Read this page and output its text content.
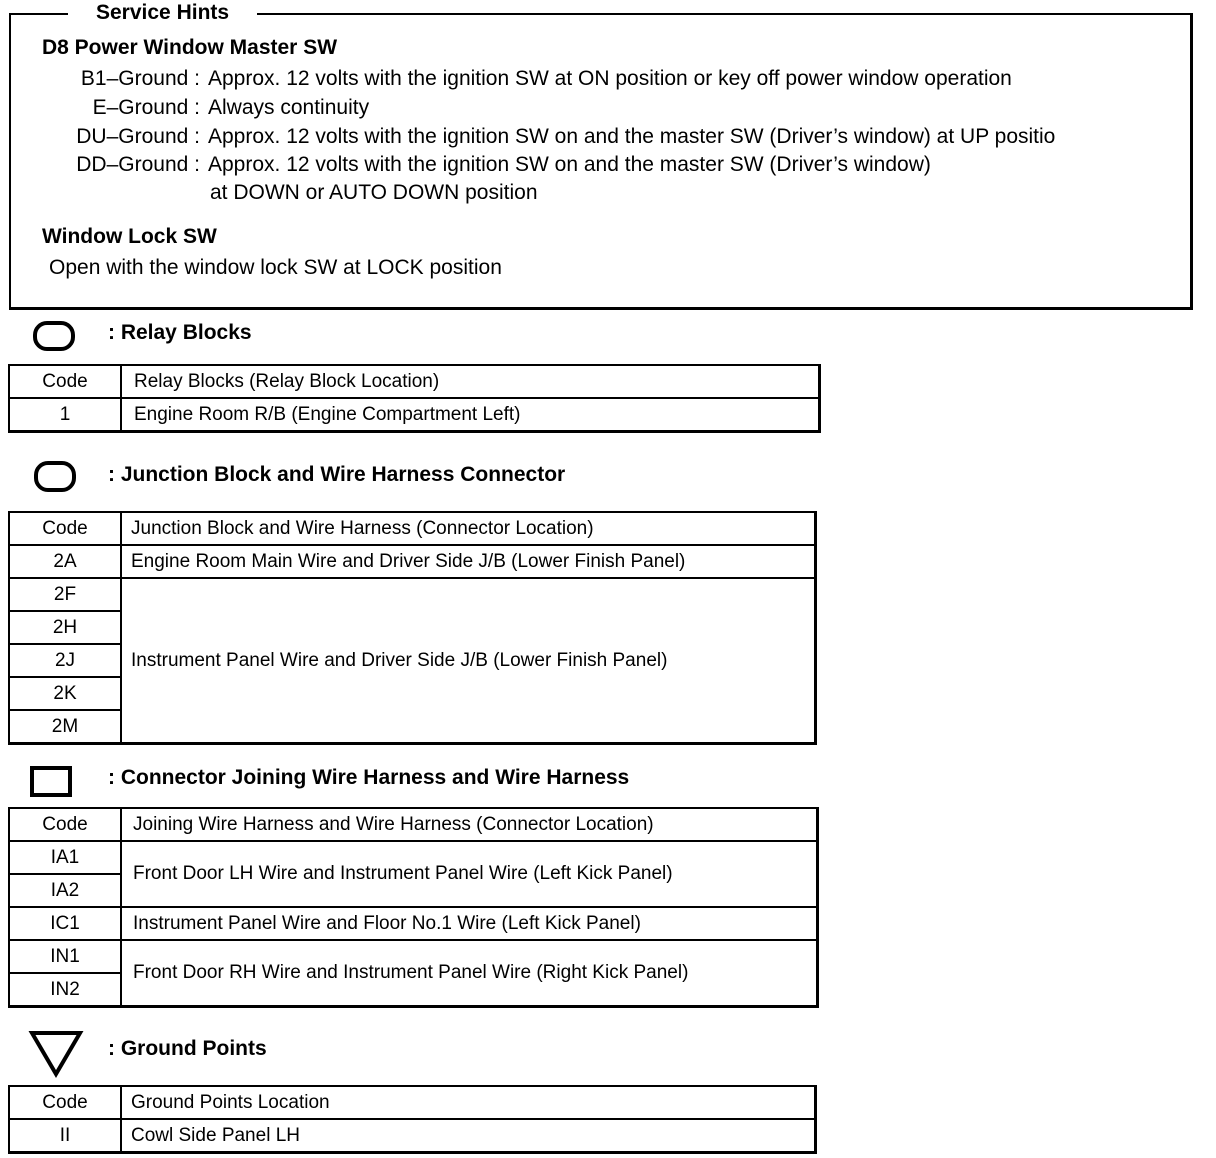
Service Hints
D8 Power Window Master SW
B1–Ground : Approx. 12 volts with the ignition SW at ON position or key off power window operation
E–Ground : Always continuity
DU–Ground : Approx. 12 volts with the ignition SW on and the master SW (Driver’s window) at UP positio
DD–Ground : Approx. 12 volts with the ignition SW on and the master SW (Driver’s window)
at DOWN or AUTO DOWN position
Window Lock SW
Open with the window lock SW at LOCK position
: Relay Blocks
Code	Relay Blocks (Relay Block Location)
1	Engine Room R/B (Engine Compartment Left)
: Junction Block and Wire Harness Connector
Code	Junction Block and Wire Harness (Connector Location)
2A	Engine Room Main Wire and Driver Side J/B (Lower Finish Panel)
2F	Instrument Panel Wire and Driver Side J/B (Lower Finish Panel)
2H	
2J	
2K	
2M	
: Connector Joining Wire Harness and Wire Harness
Code	Joining Wire Harness and Wire Harness (Connector Location)
IA1	Front Door LH Wire and Instrument Panel Wire (Left Kick Panel)
IA2	
IC1	Instrument Panel Wire and Floor No.1 Wire (Left Kick Panel)
IN1	Front Door RH Wire and Instrument Panel Wire (Right Kick Panel)
IN2	
: Ground Points
Code	Ground Points Location
II	Cowl Side Panel LH
